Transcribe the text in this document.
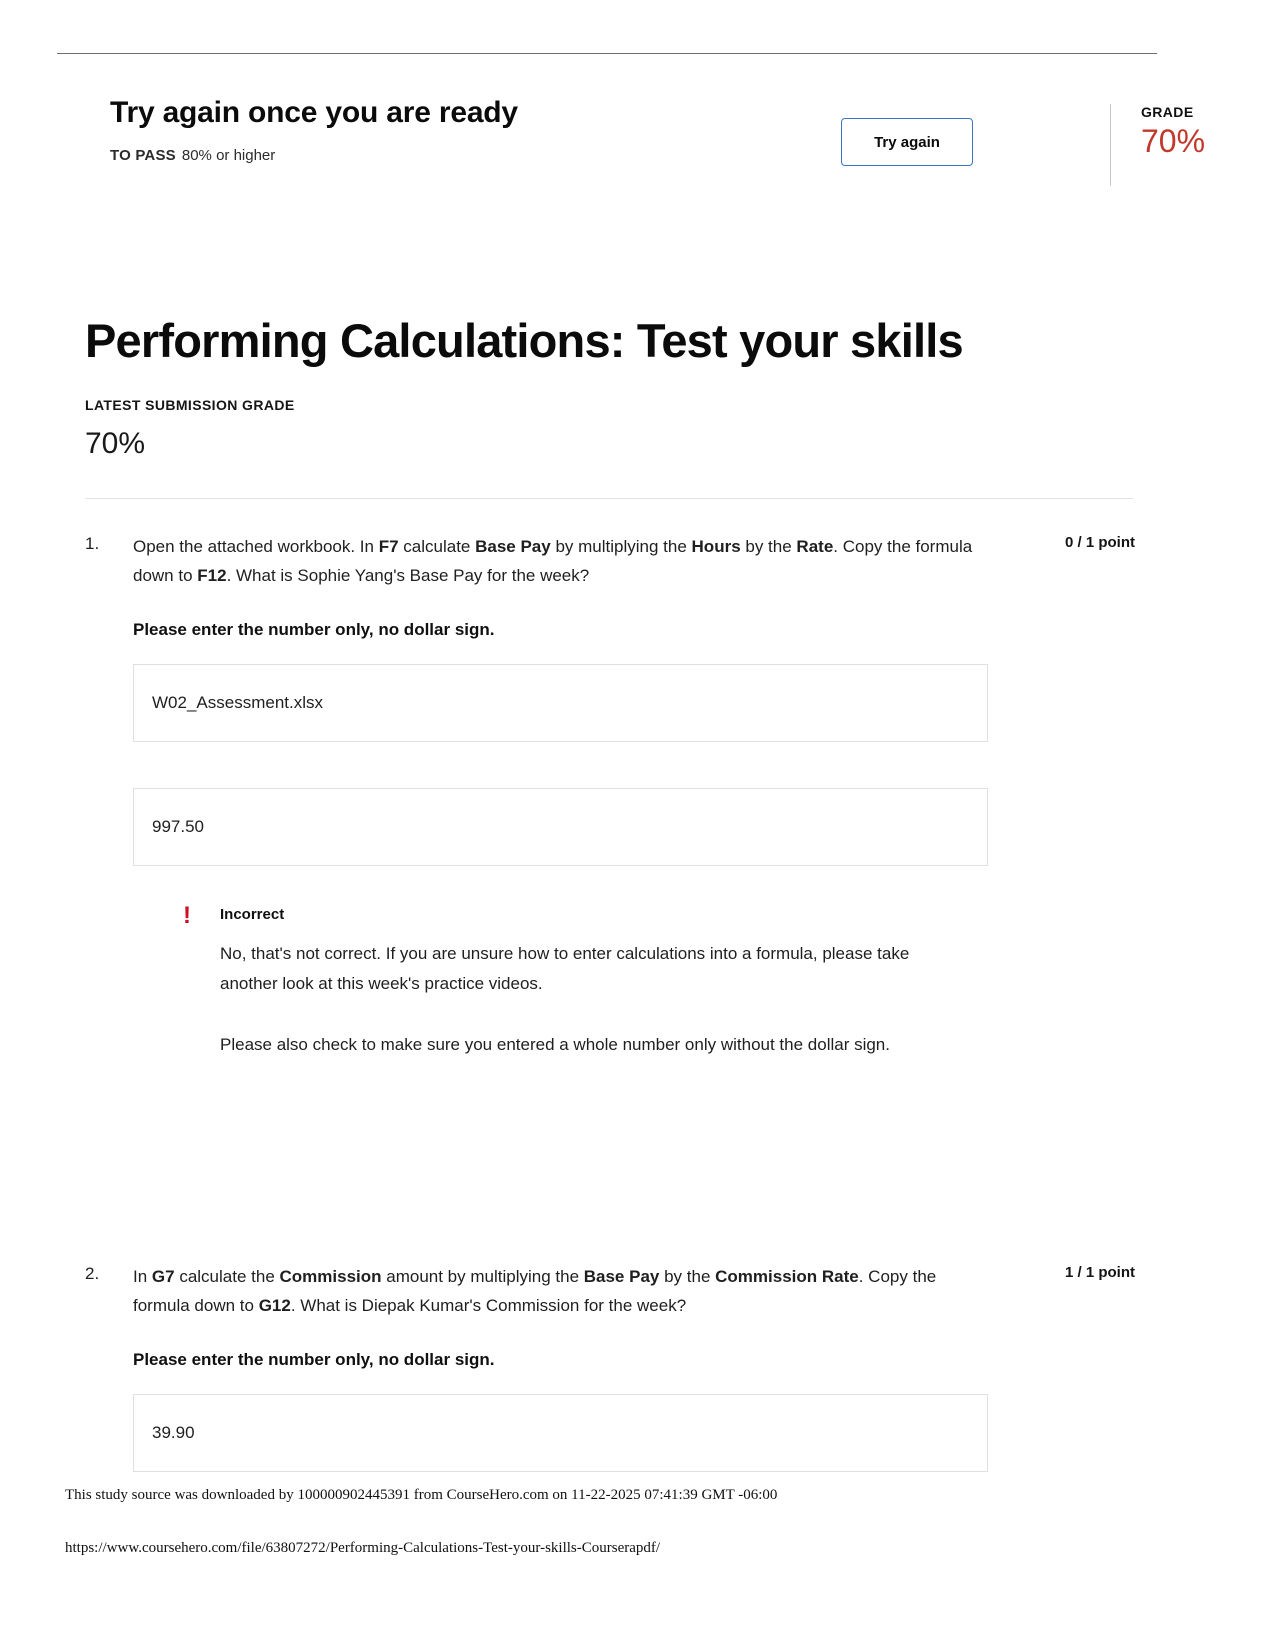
Try again once you are ready
TO PASS 80% or higher
Try again
GRADE
70%
Performing Calculations: Test your skills
LATEST SUBMISSION GRADE
70%
1.	0 / 1 point
Open the attached workbook. In F7 calculate Base Pay by multiplying the Hours by the Rate. Copy the formula down to F12. What is Sophie Yang's Base Pay for the week?
Please enter the number only, no dollar sign.
W02_Assessment.xlsx
997.50
!	Incorrect
No, that's not correct. If you are unsure how to enter calculations into a formula, please take another look at this week's practice videos.
Please also check to make sure you entered a whole number only without the dollar sign.
2.	1 / 1 point
In G7 calculate the Commission amount by multiplying the Base Pay by the Commission Rate. Copy the formula down to G12. What is Diepak Kumar's Commission for the week?
Please enter the number only, no dollar sign.
39.90
This study source was downloaded by 100000902445391 from CourseHero.com on 11-22-2025 07:41:39 GMT -06:00
https://www.coursehero.com/file/63807272/Performing-Calculations-Test-your-skills-Courserapdf/
